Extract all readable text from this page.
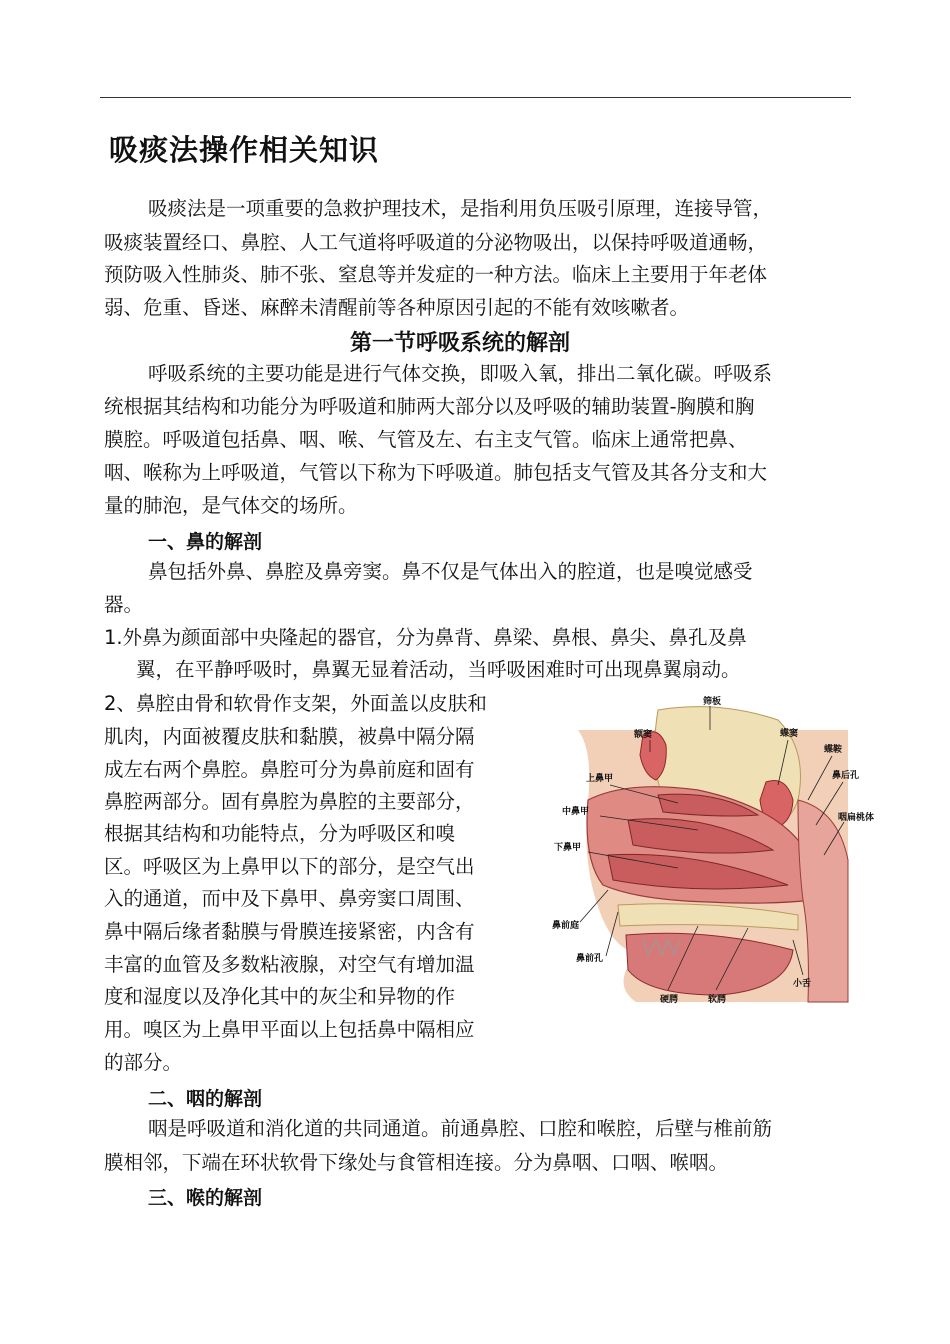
吸痰法操作相关知识
吸痰法是一项重要的急救护理技术，是指利用负压吸引原理，连接导管，
吸痰装置经口、鼻腔、人工气道将呼吸道的分泌物吸出，以保持呼吸道通畅，
预防吸入性肺炎、肺不张、窒息等并发症的一种方法。临床上主要用于年老体
弱、危重、昏迷、麻醉未清醒前等各种原因引起的不能有效咳嗽者。
第一节呼吸系统的解剖
呼吸系统的主要功能是进行气体交换，即吸入氧，排出二氧化碳。呼吸系
统根据其结构和功能分为呼吸道和肺两大部分以及呼吸的辅助装置-胸膜和胸
膜腔。呼吸道包括鼻、咽、喉、气管及左、右主支气管。临床上通常把鼻、
咽、喉称为上呼吸道，气管以下称为下呼吸道。肺包括支气管及其各分支和大
量的肺泡，是气体交的场所。
一、鼻的解剖
鼻包括外鼻、鼻腔及鼻旁窦。鼻不仅是气体出入的腔道，也是嗅觉感受
器。
1.外鼻为颜面部中央隆起的器官，分为鼻背、鼻梁、鼻根、鼻尖、鼻孔及鼻
翼，在平静呼吸时，鼻翼无显着活动，当呼吸困难时可出现鼻翼扇动。
2、鼻腔由骨和软骨作支架，外面盖以皮肤和
肌肉，内面被覆皮肤和黏膜，被鼻中隔分隔
成左右两个鼻腔。鼻腔可分为鼻前庭和固有
鼻腔两部分。固有鼻腔为鼻腔的主要部分，
根据其结构和功能特点，分为呼吸区和嗅
区。呼吸区为上鼻甲以下的部分，是空气出
入的通道，而中及下鼻甲、鼻旁窦口周围、
鼻中隔后缘者黏膜与骨膜连接紧密，内含有
丰富的血管及多数粘液腺，对空气有增加温
度和湿度以及净化其中的灰尘和异物的作
用。嗅区为上鼻甲平面以上包括鼻中隔相应
的部分。
筛板
额窦	蝶窦
蝶鞍
上鼻甲	鼻后孔
中鼻甲
咽扁桃体
下鼻甲
鼻前庭
鼻前孔
硬腭	软腭
小舌
二、咽的解剖
咽是呼吸道和消化道的共同通道。前通鼻腔、口腔和喉腔，后壁与椎前筋
膜相邻，下端在环状软骨下缘处与食管相连接。分为鼻咽、口咽、喉咽。
三、喉的解剖
